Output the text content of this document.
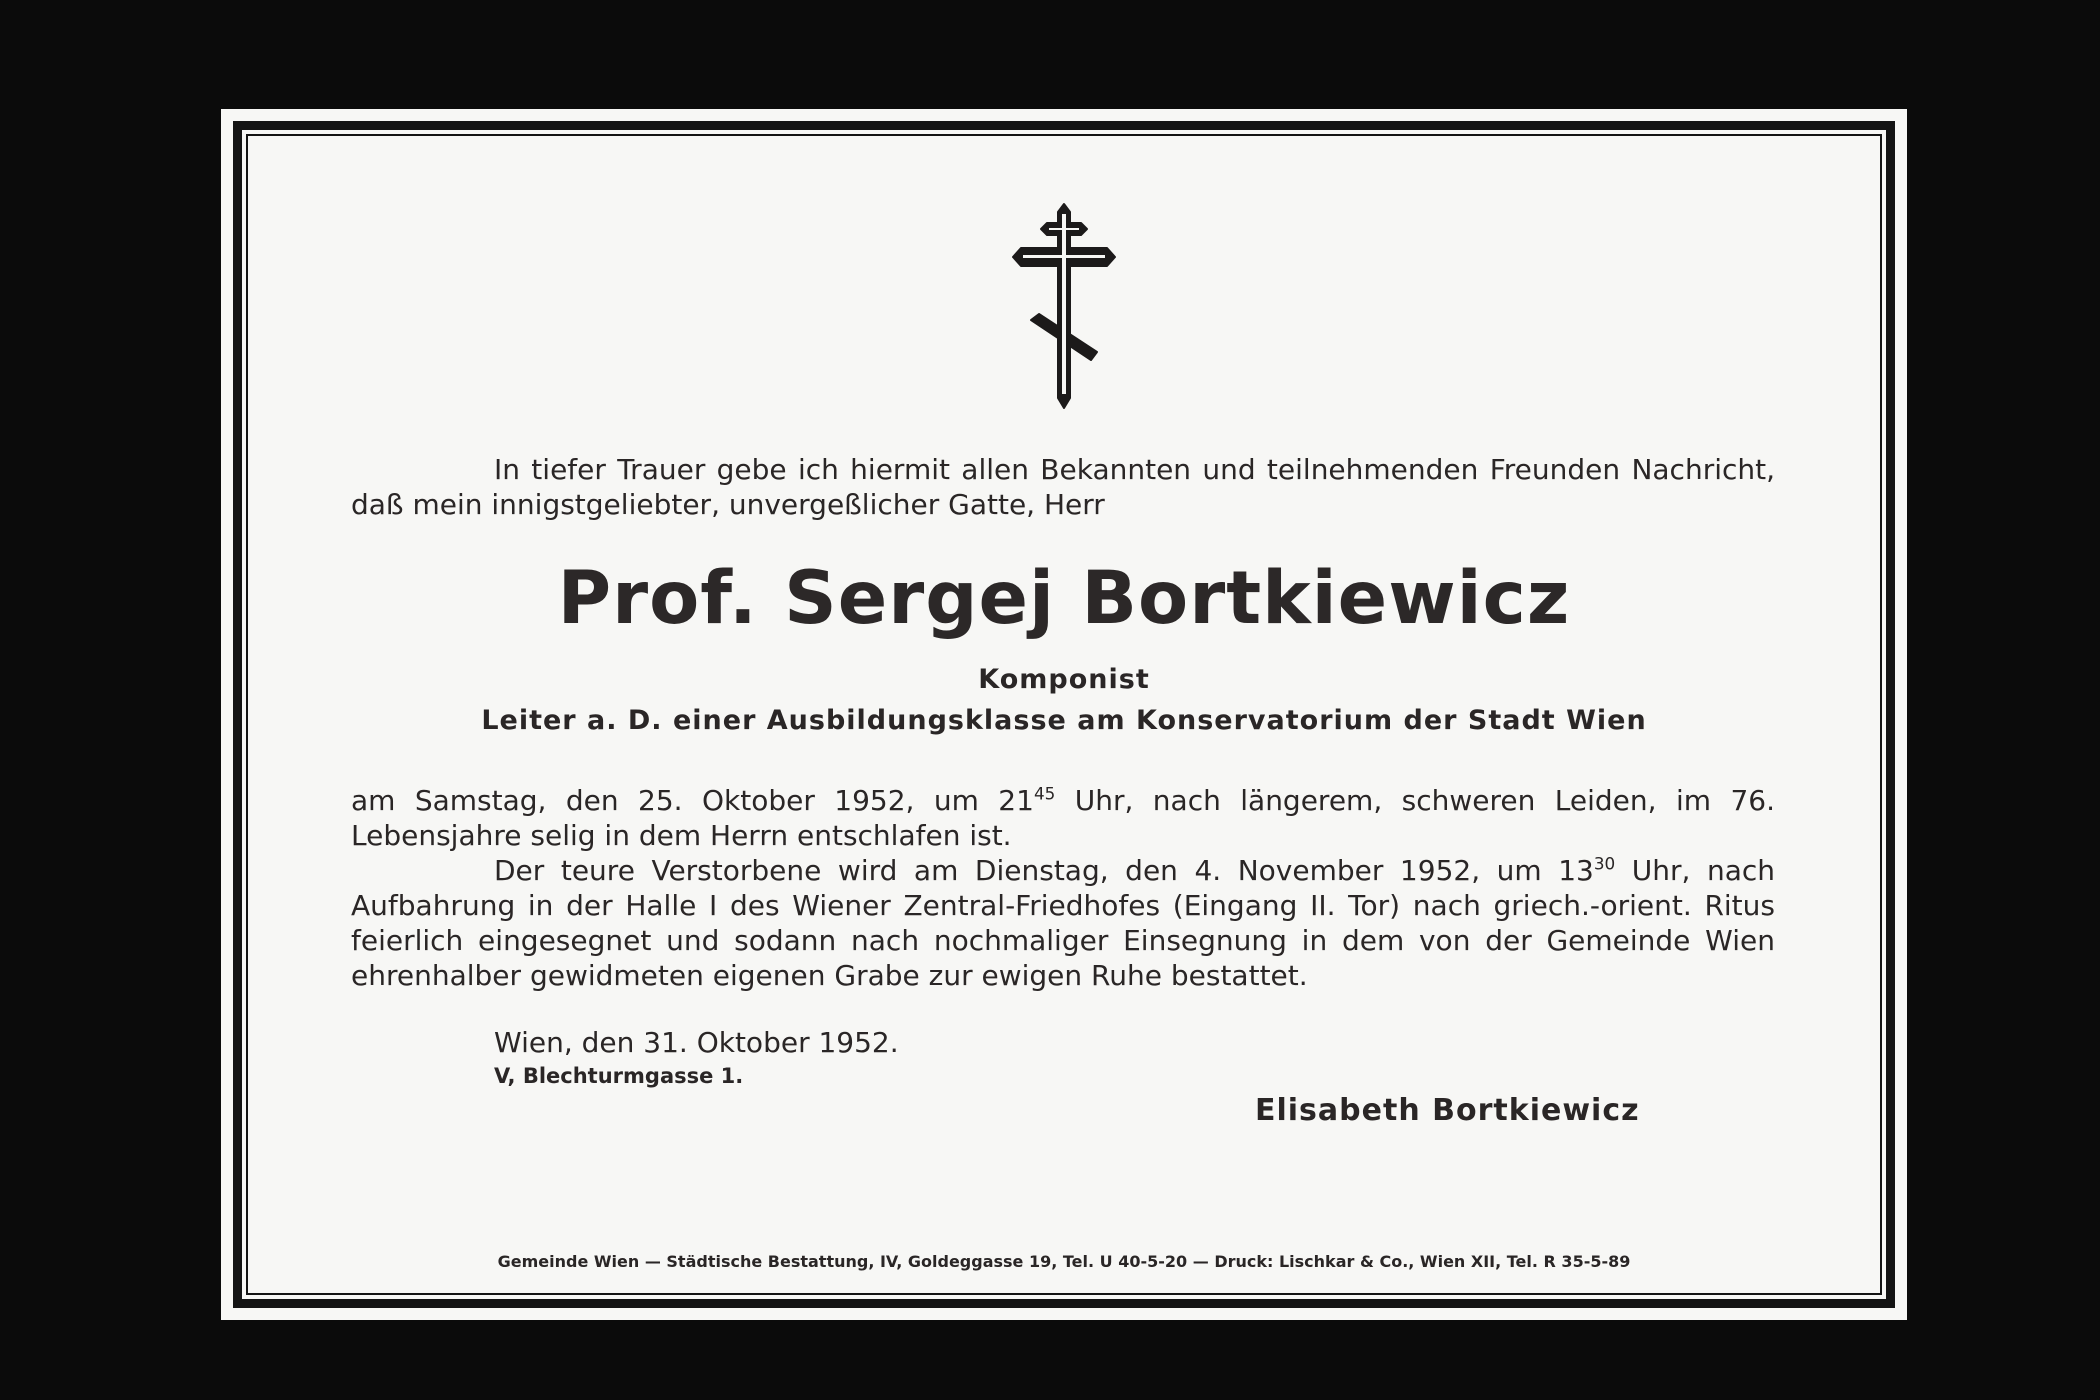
In tiefer Trauer gebe ich hiermit allen Bekannten und teilnehmenden Freunden Nachricht, daß mein innigstgeliebter, unvergeßlicher Gatte, Herr

Prof. Sergej Bortkiewicz
Komponist
Leiter a. D. einer Ausbildungsklasse am Konservatorium der Stadt Wien

am Samstag, den 25. Oktober 1952, um $21^{45}$ Uhr, nach längerem, schweren Leiden, im 76. Lebensjahre selig in dem Herrn entschlafen ist.

Der teure Verstorbene wird am Dienstag, den 4. November 1952, um $13^{30}$ Uhr, nach Aufbahrung in der Halle I des Wiener Zentral-Friedhofes (Eingang II. Tor) nach griech.-orient. Ritus feierlich eingesegnet und sodann nach nochmaliger Einsegnung in dem von der Gemeinde Wien ehrenhalber gewidmeten eigenen Grabe zur ewigen Ruhe bestattet.

Wien, den 31. Oktober 1952.
V, Blechturmgasse 1.
Elisabeth Bortkiewicz
Gemeinde Wien — Städtische Bestattung, IV, Goldeggasse 19, Tel. U 40-5-20 — Druck: Lischkar & Co., Wien XII, Tel. R 35-5-89
